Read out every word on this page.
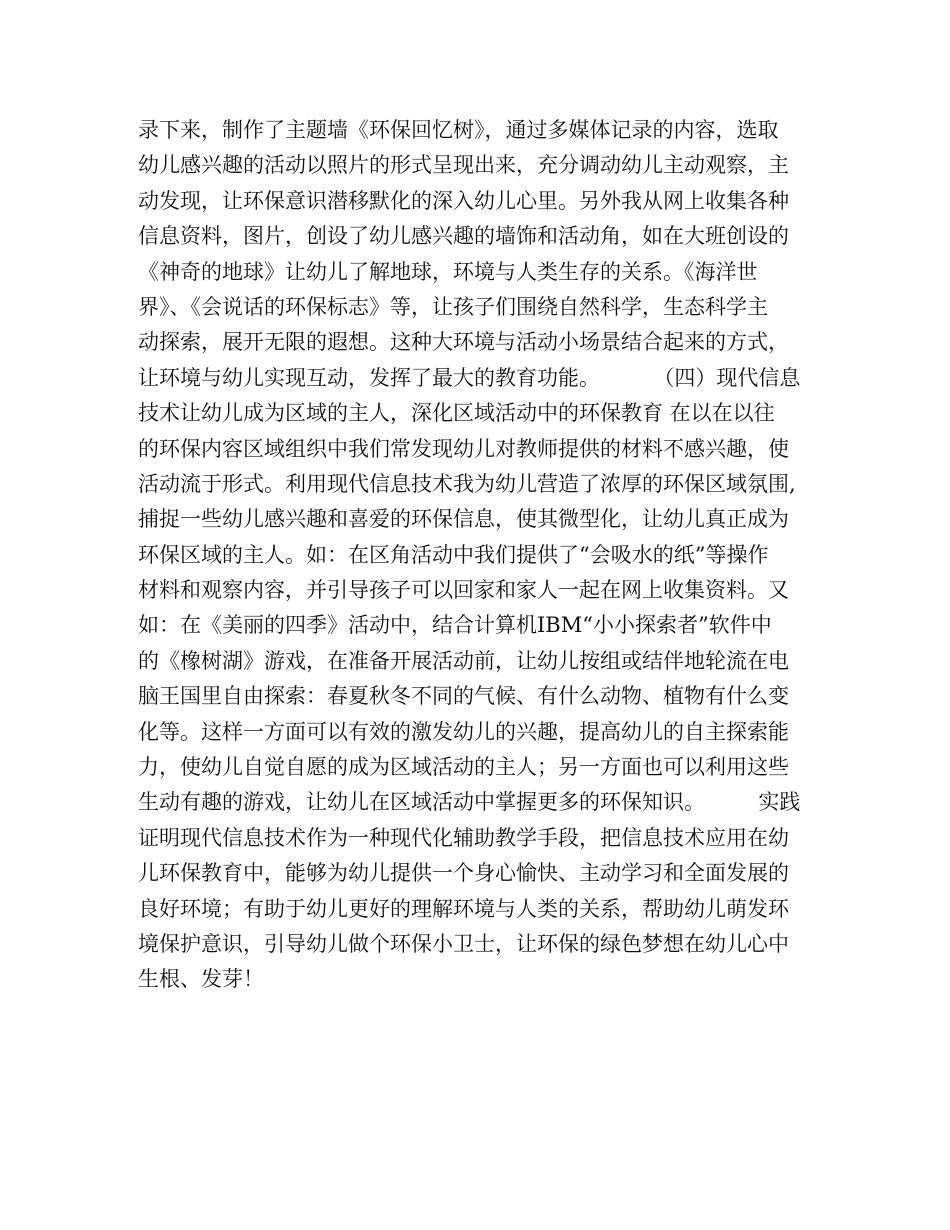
录下来，制作了主题墙《环保回忆树》，通过多媒体记录的内容，选取
幼儿感兴趣的活动以照片的形式呈现出来，充分调动幼儿主动观察，主
动发现，让环保意识潜移默化的深入幼儿心里。另外我从网上收集各种
信息资料，图片，创设了幼儿感兴趣的墙饰和活动角，如在大班创设的
《神奇的地球》让幼儿了解地球，环境与人类生存的关系。《海洋世
界》、《会说话的环保标志》等，让孩子们围绕自然科学，生态科学主
动探索，展开无限的遐想。这种大环境与活动小场景结合起来的方式，
让环境与幼儿实现互动，发挥了最大的教育功能。        （四）现代信息
技术让幼儿成为区域的主人，深化区域活动中的环保教育 在以在以往
的环保内容区域组织中我们常发现幼儿对教师提供的材料不感兴趣，使
活动流于形式。利用现代信息技术我为幼儿营造了浓厚的环保区域氛围,
捕捉一些幼儿感兴趣和喜爱的环保信息，使其微型化，让幼儿真正成为
环保区域的主人。如：在区角活动中我们提供了“会吸水的纸”等操作
材料和观察内容，并引导孩子可以回家和家人一起在网上收集资料。又
如：在《美丽的四季》活动中，结合计算机IBM“小小探索者”软件中
的《橡树湖》游戏，在准备开展活动前，让幼儿按组或结伴地轮流在电
脑王国里自由探索：春夏秋冬不同的气候、有什么动物、植物有什么变
化等。这样一方面可以有效的激发幼儿的兴趣，提高幼儿的自主探索能
力，使幼儿自觉自愿的成为区域活动的主人；另一方面也可以利用这些
生动有趣的游戏，让幼儿在区域活动中掌握更多的环保知识。        实践
证明现代信息技术作为一种现代化辅助教学手段，把信息技术应用在幼
儿环保教育中，能够为幼儿提供一个身心愉快、主动学习和全面发展的
良好环境；有助于幼儿更好的理解环境与人类的关系，帮助幼儿萌发环
境保护意识，引导幼儿做个环保小卫士，让环保的绿色梦想在幼儿心中
生根、发芽！
